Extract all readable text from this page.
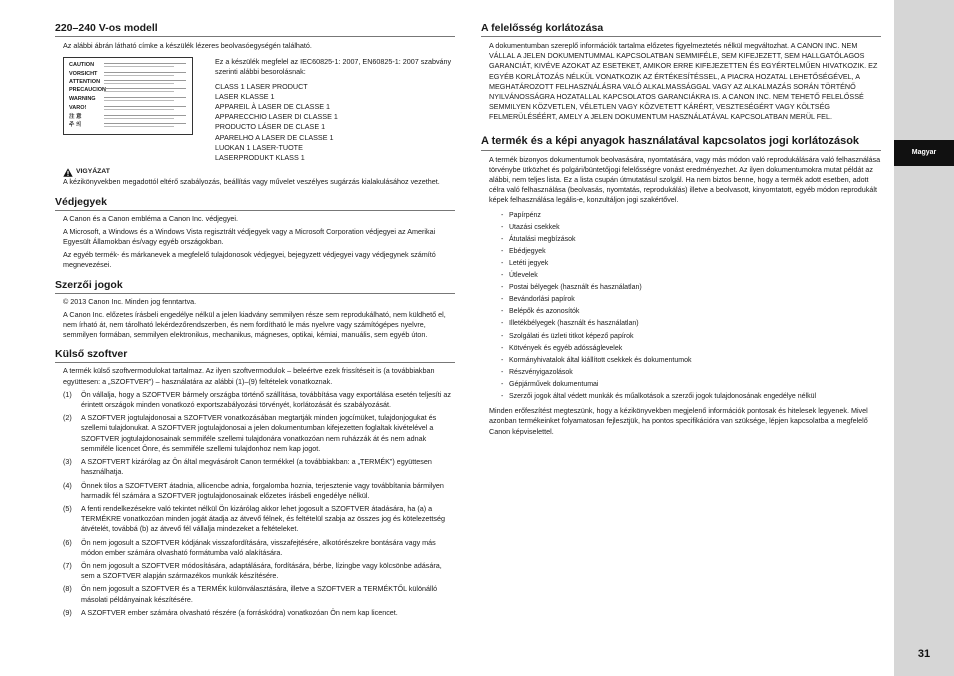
Magyar
31
220–240 V-os modell

Az alábbi ábrán látható címke a készülék lézeres beolvasóegységén található.

CAUTION
VORSICHT
ATTENTION
PRECAUCION
WARNING
VARO!
注 意
주 의

Ez a készülék megfelel az IEC60825-1: 2007, EN60825-1: 2007 szabvány szerinti alábbi besorolásnak:

CLASS 1 LASER PRODUCT

LASER KLASSE 1

APPAREIL À LASER DE CLASSE 1

APPARECCHIO LASER DI CLASSE 1

PRODUCTO LÁSER DE CLASE 1

APARELHO A LASER DE CLASSE 1

LUOKAN 1 LASER-TUOTE

LASERPRODUKT KLASS 1

VIGYÁZAT

A kézikönyvekben megadottól eltérő szabályozás, beállítás vagy művelet veszélyes sugárzás kialakulásához vezethet.

Védjegyek

A Canon és a Canon embléma a Canon Inc. védjegyei.

A Microsoft, a Windows és a Windows Vista regisztrált védjegyek vagy a Microsoft Corporation védjegyei az Amerikai Egyesült Államokban és/vagy egyéb országokban.

Az egyéb termék- és márkanevek a megfelelő tulajdonosok védjegyei, bejegyzett védjegyei vagy védjegynek számító megnevezései.

Szerzői jogok

© 2013 Canon Inc. Minden jog fenntartva.

A Canon Inc. előzetes írásbeli engedélye nélkül a jelen kiadvány semmilyen része sem reprodukálható, nem küldhető el, nem írható át, nem tárolható lekérdezőrendszerben, és nem fordítható le más nyelvre vagy számítógépes nyelvre, semmilyen formában, semmilyen elektronikus, mechanikus, mágneses, optikai, kémiai, manuális, sem egyéb úton.

Külső szoftver

A termék külső szoftvermodulokat tartalmaz. Az ilyen szoftvermodulok – beleértve ezek frissítéseit is (a továbbiakban együttesen: a „SZOFTVER”) – használatára az alábbi (1)–(9) feltételek vonatkoznak.

(1)	Ön vállalja, hogy a SZOFTVER bármely országba történő szállítása, továbbítása vagy exportálása esetén teljesíti az érintett országok minden vonatkozó exportszabályozási törvényét, korlátozását és szabályozását.
(2)	A SZOFTVER jogtulajdonosai a SZOFTVER vonatkozásában megtartják minden jogcímüket, tulajdonjogukat és szellemi tulajdonukat. A SZOFTVER jogtulajdonosai a jelen dokumentumban kifejezetten foglaltak kivételével a SZOFTVER jogtulajdonosainak semmiféle szellemi tulajdonára vonatkozóan nem ruházzák át és nem adnak semmiféle licencet Önre, és semmiféle szellemi tulajdonhoz nem kap jogot.
(3)	A SZOFTVERT kizárólag az Ön által megvásárolt Canon termékkel (a továbbiakban: a „TERMÉK”) együttesen használhatja.
(4)	Önnek tilos a SZOFTVERT átadnia, allicencbe adnia, forgalomba hoznia, terjesztenie vagy továbbítania bármilyen harmadik fél számára a SZOFTVER jogtulajdonosainak előzetes írásbeli engedélye nélkül.
(5)	A fenti rendelkezésekre való tekintet nélkül Ön kizárólag akkor lehet jogosult a SZOFTVER átadására, ha (a) a TERMÉKRE vonatkozóan minden jogát átadja az átvevő félnek, és feltételül szabja az összes jog és kötelezettség átvételét, továbbá (b) az átvevő fél vállalja mindezeket a feltételeket.
(6)	Ön nem jogosult a SZOFTVER kódjának visszafordítására, visszafejtésére, alkotórészekre bontására vagy más módon ember számára olvasható formátumba való alakítására.
(7)	Ön nem jogosult a SZOFTVER módosítására, adaptálására, fordítására, bérbe, lízingbe vagy kölcsönbe adására, sem a SZOFTVER alapján származékos munkák készítésére.
(8)	Ön nem jogosult a SZOFTVER és a TERMÉK különválasztására, illetve a SZOFTVER a TERMÉKTŐL különálló másolati példányainak készítésére.
(9)	A SZOFTVER ember számára olvasható részére (a forráskódra) vonatkozóan Ön nem kap licencet.
A felelősség korlátozása

A dokumentumban szereplő információk tartalma előzetes figyelmeztetés nélkül megváltozhat. A CANON INC. NEM VÁLLAL A JELEN DOKUMENTUMMAL KAPCSOLATBAN SEMMIFÉLE, SEM KIFEJEZETT, SEM HALLGATÓLAGOS GARANCIÁT, KIVÉVE AZOKAT AZ ESETEKET, AMIKOR ERRE KIFEJEZETTEN ÉS EGYÉRTELMŰEN HIVATKOZIK. EZ EGYÉB KORLÁTOZÁS NÉLKÜL VONATKOZIK AZ ÉRTÉKESÍTÉSSEL, A PIACRA HOZATAL LEHETŐSÉGÉVEL, A MEGHATÁROZOTT FELHASZNÁLÁSRA VALÓ ALKALMASSÁGGAL VAGY AZ ALKALMAZÁS SORÁN TÖRTÉNŐ NYILVÁNOSSÁGRA HOZATALLAL KAPCSOLATOS GARANCIÁKRA IS. A CANON INC. NEM TEHETŐ FELELŐSSÉ SEMMILYEN KÖZVETLEN, VÉLETLEN VAGY KÖZVETETT KÁRÉRT, VESZTESÉGÉRT VAGY KÖLTSÉG FELMERÜLÉSÉÉRT, AMELY A JELEN DOKUMENTUM HASZNÁLATÁVAL KAPCSOLATBAN MERÜL FEL.

A termék és a képi anyagok használatával kapcsolatos jogi korlátozások

A termék bizonyos dokumentumok beolvasására, nyomtatására, vagy más módon való reprodukálására való felhasználása törvénybe ütközhet és polgári/büntetőjogi felelősségre vonást eredményezhet. Az ilyen dokumentumokra mutat példát az alábbi, nem teljes lista. Ez a lista csupán útmutatásul szolgál. Ha nem biztos benne, hogy a termék adott esetben, adott célra való felhasználása (beolvasás, nyomtatás, reprodukálás) illetve a beolvasott, kinyomtatott, egyéb módon reprodukált képek felhasználása legális-e, konzultáljon jogi szakértővel.

- Papírpénz
- Utazási csekkek
- Átutalási megbízások
- Ebédjegyek
- Letéti jegyek
- Útlevelek
- Postai bélyegek (használt és használatlan)
- Bevándorlási papírok
- Belépők és azonosítók
- Illetékbélyegek (használt és használatlan)
- Szolgálati és üzleti titkot képező papírok
- Kötvények és egyéb adósságlevelek
- Kormányhivatalok által kiállított csekkek és dokumentumok
- Részvényigazolások
- Gépjárművek dokumentumai
- Szerzői jogok által védett munkák és műalkotások a szerzői jogok tulajdonosának engedélye nélkül

Minden erőfeszítést megteszünk, hogy a kézikönyvekben megjelenő információk pontosak és hitelesek legyenek. Mivel azonban termékeinket folyamatosan fejlesztjük, ha pontos specifikációra van szüksége, lépjen kapcsolatba a megfelelő Canon képviselettel.
